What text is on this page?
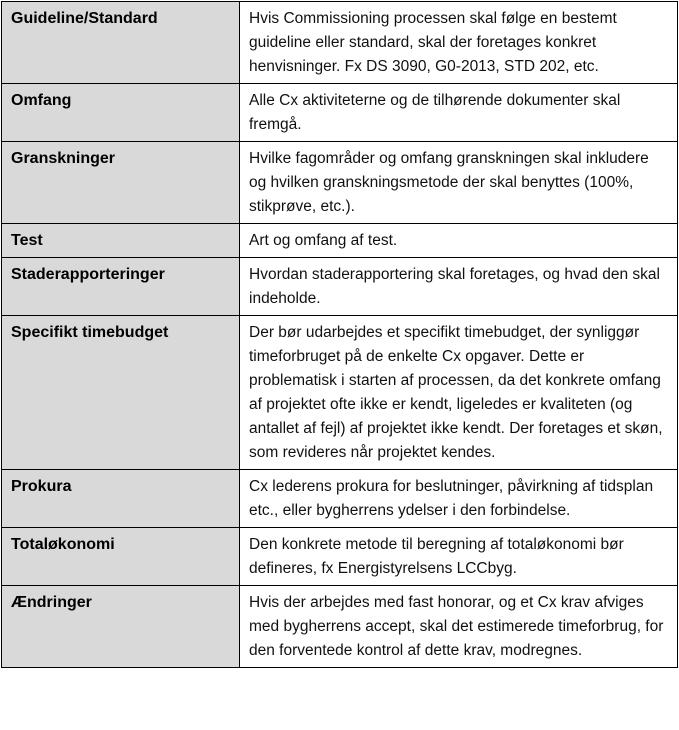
Guideline/Standard	Hvis Commissioning processen skal følge en bestemt guideline eller standard, skal der foretages konkret henvisninger. Fx DS 3090, G0-2013, STD 202, etc.
Omfang	Alle Cx aktiviteterne og de tilhørende dokumenter skal fremgå.
Granskninger	Hvilke fagområder og omfang granskningen skal inkludere og hvilken granskningsmetode der skal benyttes (100%, stikprøve, etc.).
Test	Art og omfang af test.
Staderapporteringer	Hvordan staderapportering skal foretages, og hvad den skal indeholde.
Specifikt timebudget	Der bør udarbejdes et specifikt timebudget, der synliggør timeforbruget på de enkelte Cx opgaver. Dette er problematisk i starten af processen, da det konkrete omfang af projektet ofte ikke er kendt, ligeledes er kvaliteten (og antallet af fejl) af projektet ikke kendt. Der foretages et skøn, som revideres når projektet kendes.
Prokura	Cx lederens prokura for beslutninger, påvirkning af tidsplan etc., eller bygherrens ydelser i den forbindelse.
Totaløkonomi	Den konkrete metode til beregning af totaløkonomi bør defineres, fx Energistyrelsens LCCbyg.
Ændringer	Hvis der arbejdes med fast honorar, og et Cx krav afviges med bygherrens accept, skal det estimerede timeforbrug, for den forventede kontrol af dette krav, modregnes.
